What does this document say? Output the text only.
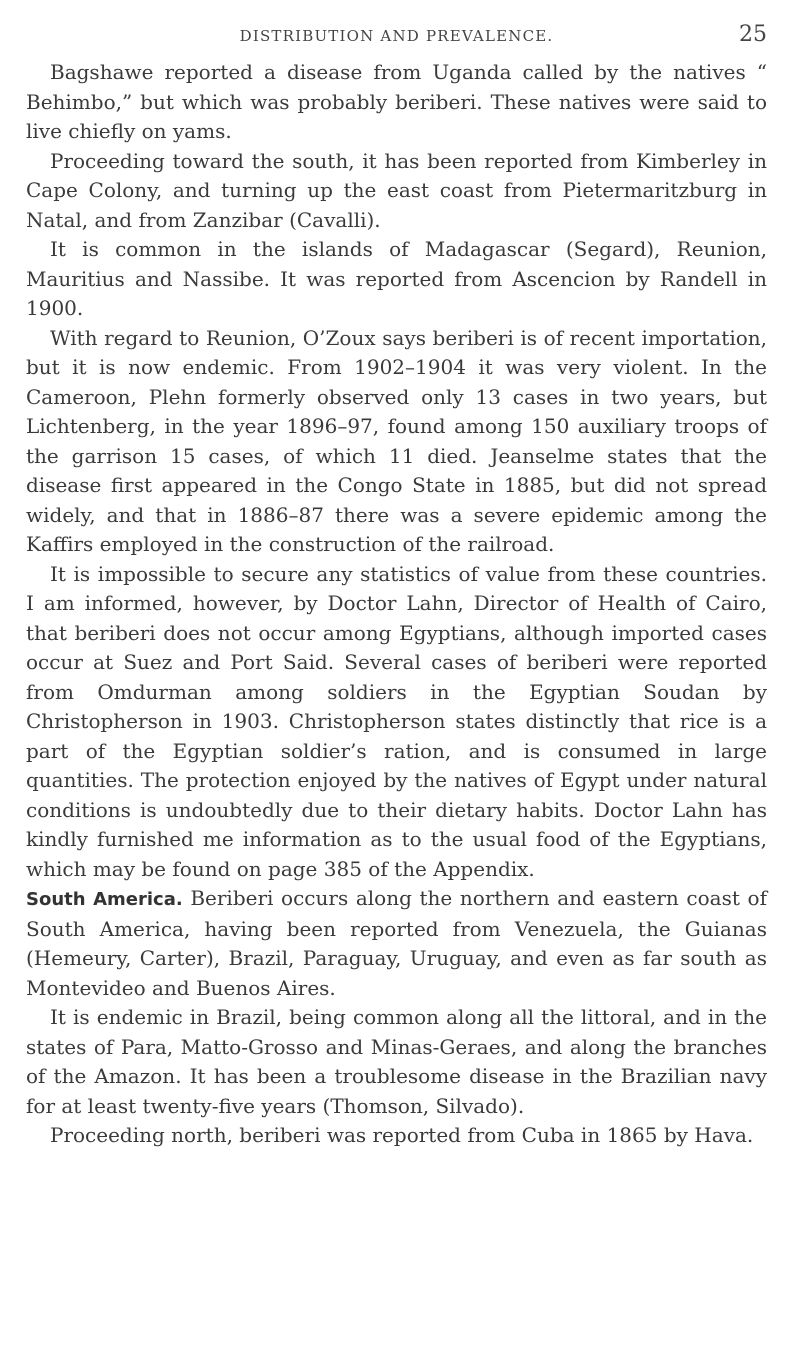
DISTRIBUTION AND PREVALENCE.	25

Bagshawe reported a disease from Uganda called by the natives “ Behimbo,” but which was probably beriberi. These natives were said to live chiefly on yams.

Proceeding toward the south, it has been reported from Kimberley in Cape Colony, and turning up the east coast from Pietermaritzburg in Natal, and from Zanzibar (Cavalli).

It is common in the islands of Madagascar (Segard), Reunion, Mauritius and Nassibe. It was reported from Ascencion by Randell in 1900.

With regard to Reunion, O’Zoux says beriberi is of recent importation, but it is now endemic. From 1902–1904 it was very violent. In the Cameroon, Plehn formerly observed only 13 cases in two years, but Lichtenberg, in the year 1896–97, found among 150 auxiliary troops of the garrison 15 cases, of which 11 died. Jeanselme states that the disease first appeared in the Congo State in 1885, but did not spread widely, and that in 1886–87 there was a severe epidemic among the Kaffirs employed in the construction of the railroad.

It is impossible to secure any statistics of value from these countries. I am informed, however, by Doctor Lahn, Director of Health of Cairo, that beriberi does not occur among Egyptians, although imported cases occur at Suez and Port Said. Several cases of beriberi were reported from Omdurman among soldiers in the Egyptian Soudan by Christopherson in 1903. Christopherson states distinctly that rice is a part of the Egyptian soldier’s ration, and is consumed in large quantities. The protection enjoyed by the natives of Egypt under natural conditions is undoubtedly due to their dietary habits. Doctor Lahn has kindly furnished me information as to the usual food of the Egyptians, which may be found on page 385 of the Appendix.

South America. Beriberi occurs along the northern and eastern coast of South America, having been reported from Venezuela, the Guianas (Hemeury, Carter), Brazil, Paraguay, Uruguay, and even as far south as Montevideo and Buenos Aires.

It is endemic in Brazil, being common along all the littoral, and in the states of Para, Matto-Grosso and Minas-Geraes, and along the branches of the Amazon. It has been a troublesome disease in the Brazilian navy for at least twenty-five years (Thomson, Silvado).

Proceeding north, beriberi was reported from Cuba in 1865 by Hava.
